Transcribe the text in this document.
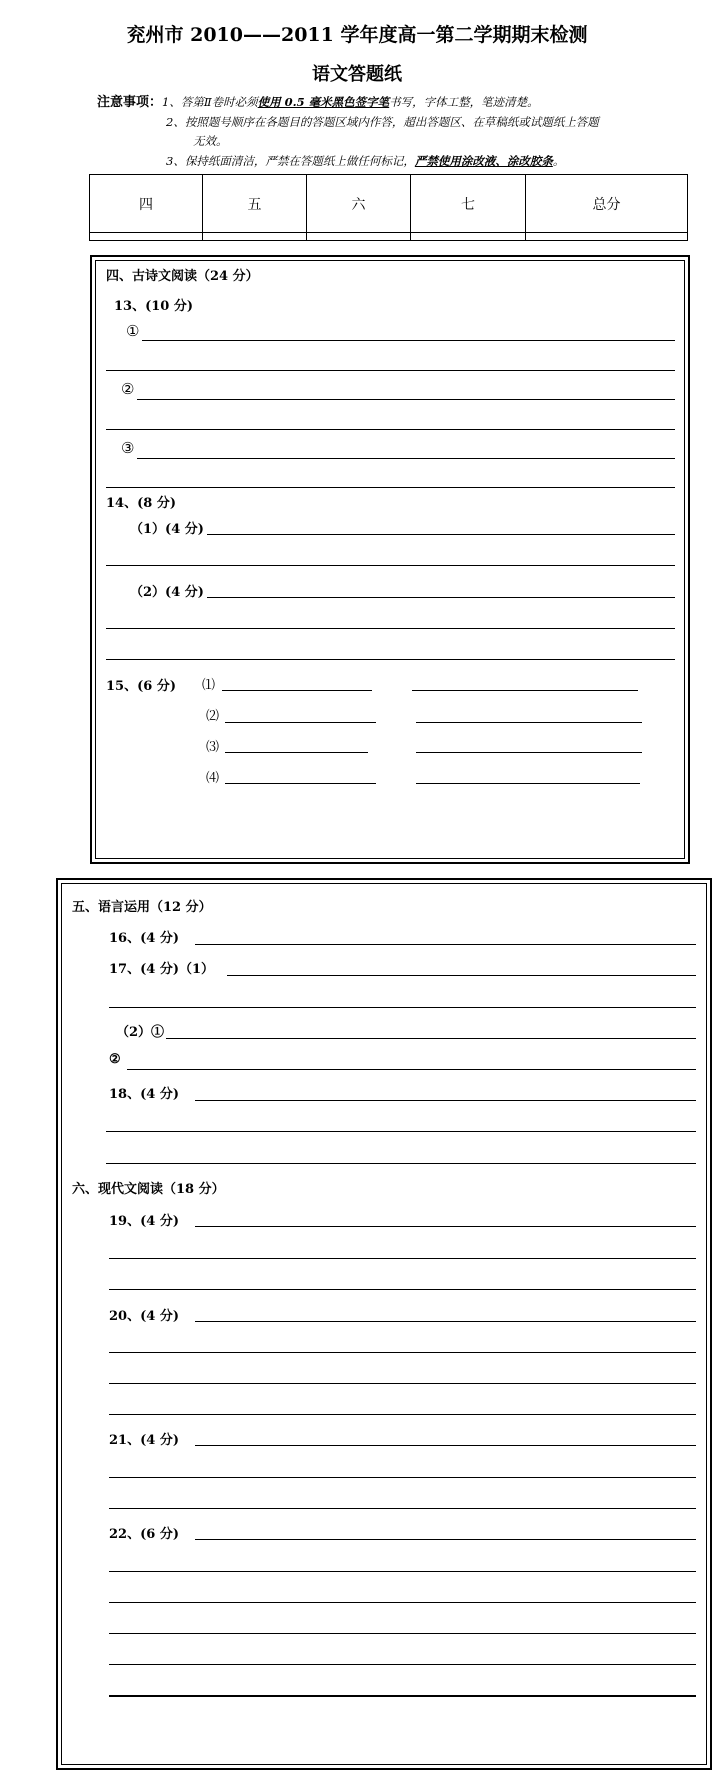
兖州市 2010——2011 学年度高一第二学期期末检测
语文答题纸
注意事项：1、答第Ⅱ卷时必须使用 0.5 毫米黑色签字笔书写，字体工整，笔迹清楚。
2、按照题号顺序在各题目的答题区域内作答，超出答题区、在草稿纸或试题纸上答题
无效。
3、保持纸面清洁，严禁在答题纸上做任何标记，严禁使用涂改液、涂改胶条。
四	五	六	七	总分

四、古诗文阅读（24 分）
13、(10 分)
①
②
③
14、(8 分)
（1）(4 分)
（2）(4 分)
15、(6 分) ⑴
⑵
⑶
⑷
五、语言运用（12 分）
16、(4 分)
17、(4 分)（1）
（2）①
②
18、(4 分)
六、现代文阅读（18 分）
19、(4 分)
20、(4 分)
21、(4 分)
22、(6 分)
